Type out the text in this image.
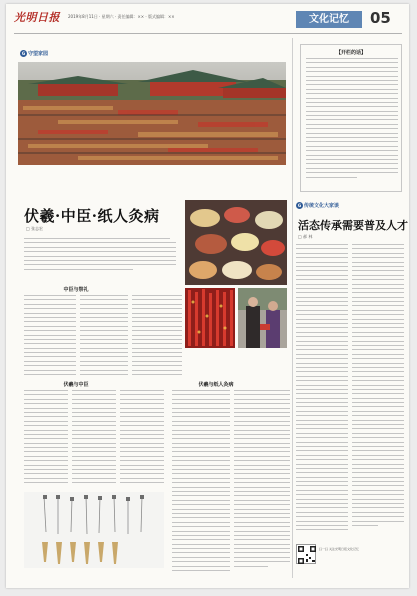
光明日报 2019年8月11日 · 星期六 · 责任编辑：×× · 版式编辑：××	文化记忆	05
G 守望家园
伏羲·中臣·纸人灸病
□ 张志宏
中臣与祭礼
伏羲与中臣	伏羲与纸人灸病
【开栏的话】
G 传统文化大家谈
活态传承需要普及人才
□ 郝 林
扫一扫 关注光明日报文化记忆
